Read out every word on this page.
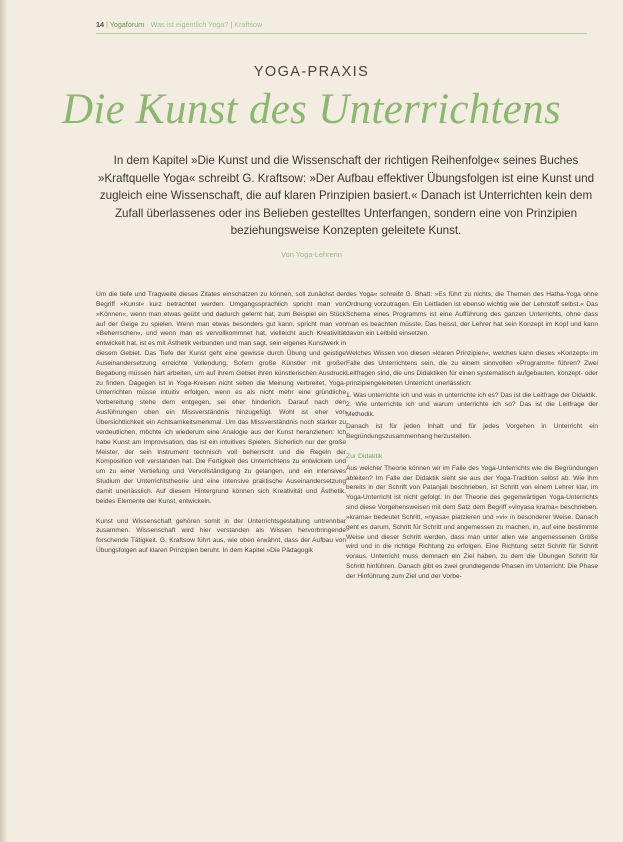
14 | Yogaforum · Was ist eigentlich Yoga? | Kraftsow
YOGA-PRAXIS
Die Kunst des Unterrichtens
In dem Kapitel »Die Kunst und die Wissenschaft der richtigen Reihenfolge« seines Buches »Kraftquelle Yoga« schreibt G. Kraftsow: »Der Aufbau effektiver Übungsfolgen ist eine Kunst und zugleich eine Wissenschaft, die auf klaren Prinzipien basiert.« Danach ist Unterrichten kein dem Zufall überlassenes oder ins Belieben gestelltes Unterfangen, sondern eine von Prinzipien beziehungsweise Konzepten geleitete Kunst.
Von Yoga-Lehrerin

Um die tiefe und Tragweite dieses Zitates einschätzen zu können, soll zunächst der Begriff »Kunst« kurz betrachtet werden. Umgangssprachlich spricht man von »Können«, wenn man etwas geübt und dadurch gelernt hat, zum Beispiel ein Stück auf der Geige zu spielen. Wenn man etwas besonders gut kann, spricht man von »Beherrschen«, und wenn man es vervollkommnet hat, vielleicht auch Kreativität entwickelt hat, ist es mit Ästhetik verbunden und man sagt, sein eigenes Kunstwerk in diesem Gebiet. Das Tiefe der Kunst geht eine gewisse durch Übung und geistige Auseinandersetzung erreichte Vollendung. Sofern große Künstler mit großer Begabung müssen hart arbeiten, um auf ihrem Gebiet ihren künstlerischen Ausdruck zu finden. Dagegen ist in Yoga-Kreisen nicht selten die Meinung verbreitet, Yoga-Unterrichten müsse intuitiv erfolgen, wenn es als nicht mehr eine gründliche Vorbereitung stehe dem entgegen, sei eher hinderlich. Darauf nach den Ausführungen oben ein Missverständnis hinzugefügt. Wohl ist eher von Übersichtlichkeit ein Achtsamkeitsmerkmal. Um das Missverständnis noch stärker zu verdeutlichen, möchte ich wiederum eine Analogie aus der Kunst heranziehen: Ich habe Kunst am Improvisation, das ist ein intuitives Spielen. Sicherlich nur der große Meister, der sein Instrument technisch voll beherrscht und die Regeln der Komposition voll verstanden hat. Die Fertigkeit des Unterrichtens zu entwickeln und um zu einer Vertiefung und Vervollständigung zu gelangen, und ein intensives Studium der Unterrichtstheorie und eine intensive praktische Auseinandersetzung damit unerlässlich. Auf diesem Hintergrund können sich Kreativität und Ästhetik, beides Elemente der Kunst, entwickeln.

Kunst und Wissenschaft gehören somit in der Unterrichtsgestaltung untrennbar zusammen. Wissenschaft wird hier verstanden als Wissen hervorbringende forschende Tätigkeit. G. Kraftsow führt aus, wie oben erwähnt, dass der Aufbau von Übungsfolgen auf klaren Prinzipien beruht. In dem Kapitel »Die Pädagogik

des Yoga« schreibt G. Bhatt: »Es führt zu nichts, die Themen des Hatha-Yoga ohne Ordnung vorzutragen. Ein Leitfaden ist ebenso wichtig wie der Lehrstoff selbst.« Das Schema eines Programms ist eine Aufführung des ganzen Unterrichts, ohne dass man es beachten müsste. Das heisst, der Lehrer hat sein Konzept im Kopf und kann davon ein Leitbild einsetzen.

Welches Wissen von diesen »klaren Prinzipien«, welches kann dieses »Konzept« im Falle des Unterrichtens sein, die zu einem sinnvollen »Programm« führen? Zwei Leitfragen sind, die uns Didaktiken für einen systematisch aufgebauten, konzept- oder prinzipiengeleiteten Unterricht unerlässlich:

1. Was unterrichte ich und was in unterrichte ich es? Das ist die Leitfrage der Didaktik.
2. Wie unterrichte ich und warum unterrichte ich so? Das ist die Leitfrage der Methodik.

Danach ist für jeden Inhalt und für jedes Vorgehen in Unterricht ein Begründungszusammenhang herzustellen.

Zur Didaktik

Aus welcher Theorie können wir im Falle des Yoga-Unterrichts wie die Begründungen ableiten? Im Falle der Didaktik sieht sie aus der Yoga-Tradition selbst ab. Wie ihm bereits in der Schrift von Patanjali beschrieben, ist Schritt von einem Lehrer klar, im Yoga-Unterricht ist nicht gefolgt. In der Theorie des gegenwärtigen Yoga-Unterrichts sind diese Vorgehensweisen mit dem Satz dem Begriff »vinyasa krama« beschrieben. »krama« bedeutet Schritt, »nyasa« platzieren und »vi« in besonderer Weise. Danach geht es darum, Schritt für Schritt und angemessen zu machen, in, auf eine bestimmte Weise und dieser Schritt werden, dass man unter allen wie angemessenen Größe wird und in die richtige Richtung zu erfolgen. Eine Richtung setzt Schritt für Schritt voraus. Unterricht muss demnach ein Ziel haben, zu dem die Übungen Schritt für Schritt hinführen. Danach gibt es zwei grundlegende Phasen im Unterricht: Die Phase der Hinführung zum Ziel und der Vorbe-
